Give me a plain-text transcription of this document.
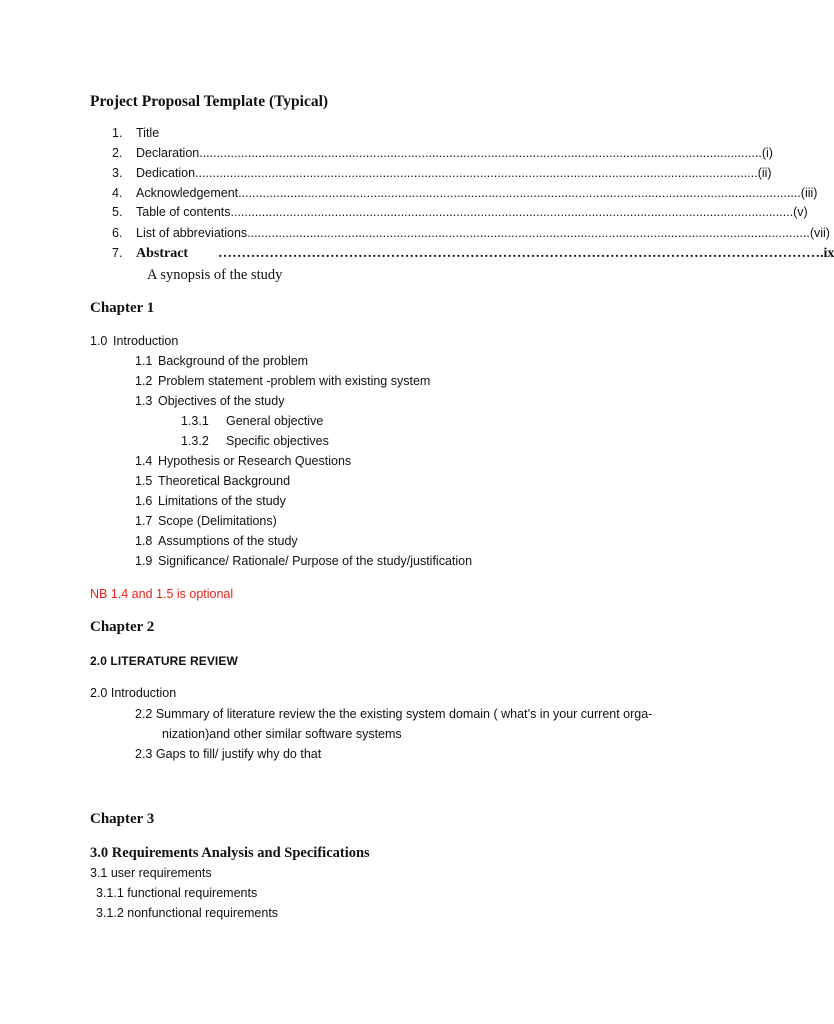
Project Proposal Template (Typical)
1.	Title
2.	Declaration .................................................................................................................................................................. (i)
3.	Dedication .................................................................................................................................................................. (ii)
4.	Acknowledgement .................................................................................................................................................................. (iii)
5.	Table of contents .................................................................................................................................................................. (v)
6.	List of abbreviations .................................................................................................................................................................. (vii)
7. Abstract	………………………………………………………………………………………………………………… .ix
A synopsis of the study
Chapter 1
1.0 Introduction
1.1 Background of the problem
1.2 Problem statement -problem with existing system
1.3 Objectives of the study
1.3.1 General objective
1.3.2 Specific objectives
1.4 Hypothesis or Research Questions
1.5 Theoretical Background
1.6 Limitations of the study
1.7 Scope (Delimitations)
1.8 Assumptions of the study
1.9 Significance/ Rationale/ Purpose of the study/justification
NB 1.4 and 1.5 is optional
Chapter 2
2.0 LITERATURE REVIEW
2.0 Introduction
2.2 Summary of literature review the the existing system domain ( what’s in your current orga-
nization)and other similar software systems
2.3 Gaps to fill/ justify why do that
Chapter 3
3.0 Requirements Analysis and Specifications
3.1 user requirements
3.1.1 functional requirements
3.1.2 nonfunctional requirements
